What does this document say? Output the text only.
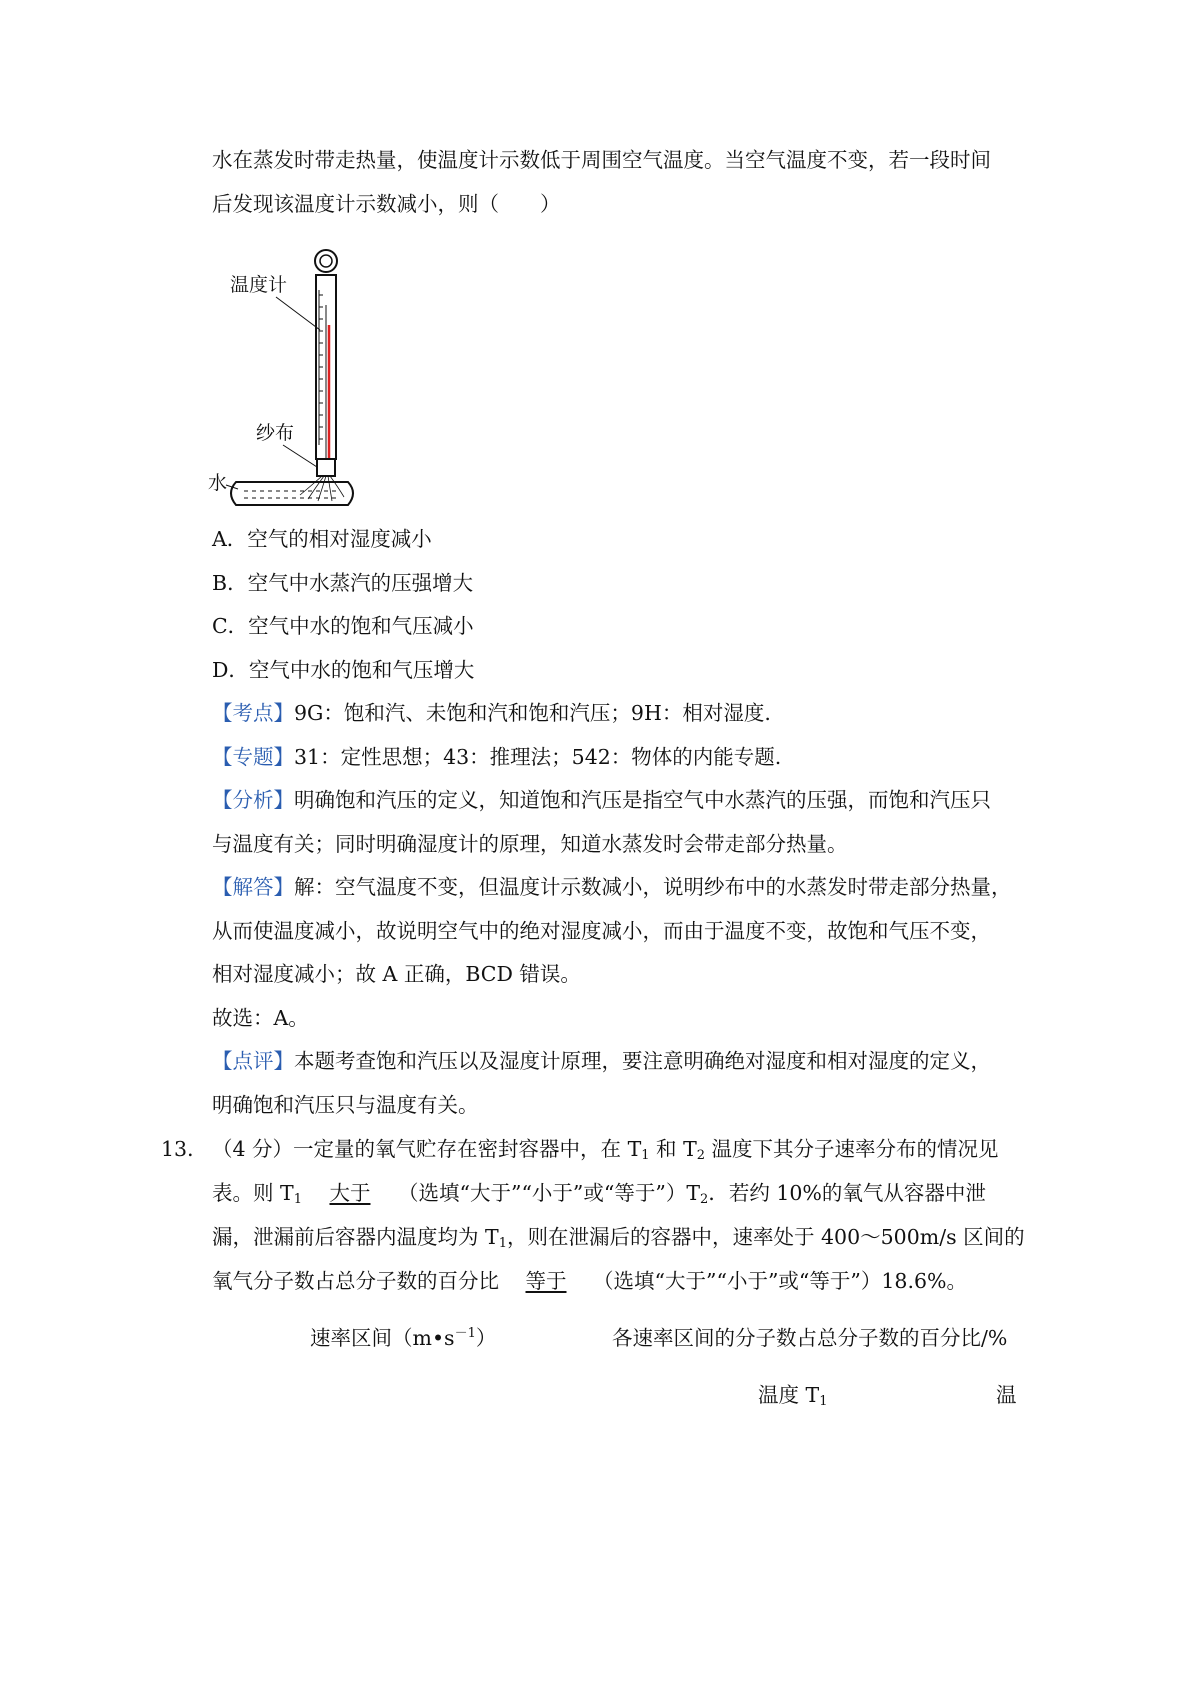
水在蒸发时带走热量，使温度计示数低于周围空气温度。当空气温度不变，若一段时间
后发现该温度计示数减小，则（　　）
温度计
纱布
水
A．空气的相对湿度减小
B．空气中水蒸汽的压强增大
C．空气中水的饱和气压减小
D．空气中水的饱和气压增大
【考点】9G：饱和汽、未饱和汽和饱和汽压；9H：相对湿度.
【专题】31：定性思想；43：推理法；542：物体的内能专题.
【分析】明确饱和汽压的定义，知道饱和汽压是指空气中水蒸汽的压强，而饱和汽压只
与温度有关；同时明确湿度计的原理，知道水蒸发时会带走部分热量。
【解答】解：空气温度不变，但温度计示数减小，说明纱布中的水蒸发时带走部分热量，
从而使温度减小，故说明空气中的绝对湿度减小，而由于温度不变，故饱和气压不变，
相对湿度减小；故 A 正确，BCD 错误。
故选：A。
【点评】本题考查饱和汽压以及湿度计原理，要注意明确绝对湿度和相对湿度的定义，
明确饱和汽压只与温度有关。
13． （4 分）一定量的氧气贮存在密封容器中，在 $T_1$ 和 $T_2$ 温度下其分子速率分布的情况见
表。则 $T_1$ 大于 （选填“大于”“小于”或“等于$”)T_2$．若约 10%的氧气从容器中泄
漏，泄漏前后容器内温度均为 $T_1$，则在泄漏后的容器中，速率处于 400～500m/s 区间的
氧气分子数占总分子数的百分比 等于 （选填“大于”“小于”或“等于”）18.6%。
速率区间$(m•s^{-1})$	各速率区间的分子数占总分子数的百分比/%
温度 $T_1$	温
